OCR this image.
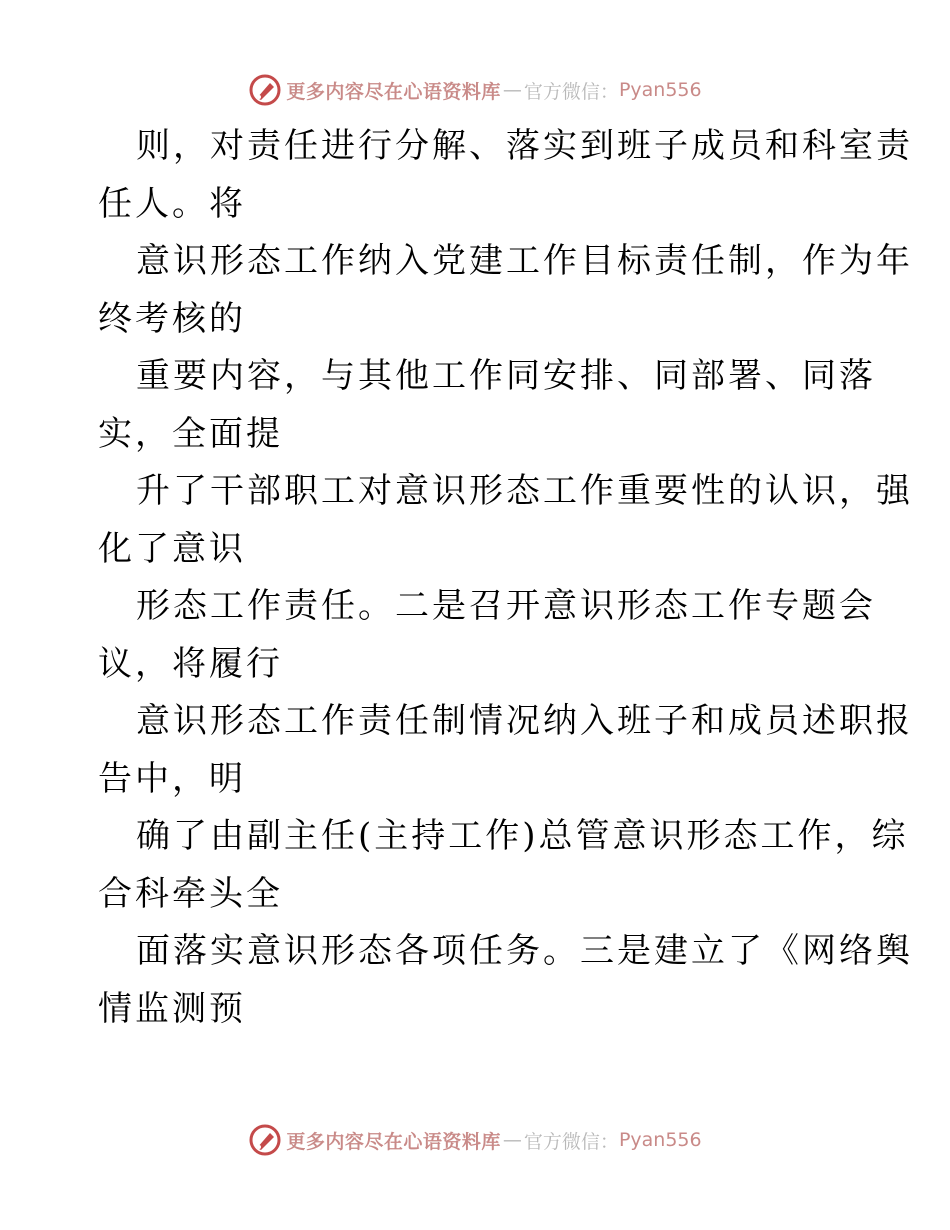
更多内容尽在心语资料库 — 官方微信： Pyan556
则，对责任进行分解、落实到班子成员和科室责
任人。将
意识形态工作纳入党建工作目标责任制，作为年
终考核的
重要内容，与其他工作同安排、同部署、同落
实，全面提
升了干部职工对意识形态工作重要性的认识，强
化了意识
形态工作责任。二是召开意识形态工作专题会
议，将履行
意识形态工作责任制情况纳入班子和成员述职报
告中，明
确了由副主任(主持工作)总管意识形态工作，综
合科牵头全
面落实意识形态各项任务。三是建立了《网络舆
情监测预
更多内容尽在心语资料库 — 官方微信： Pyan556
